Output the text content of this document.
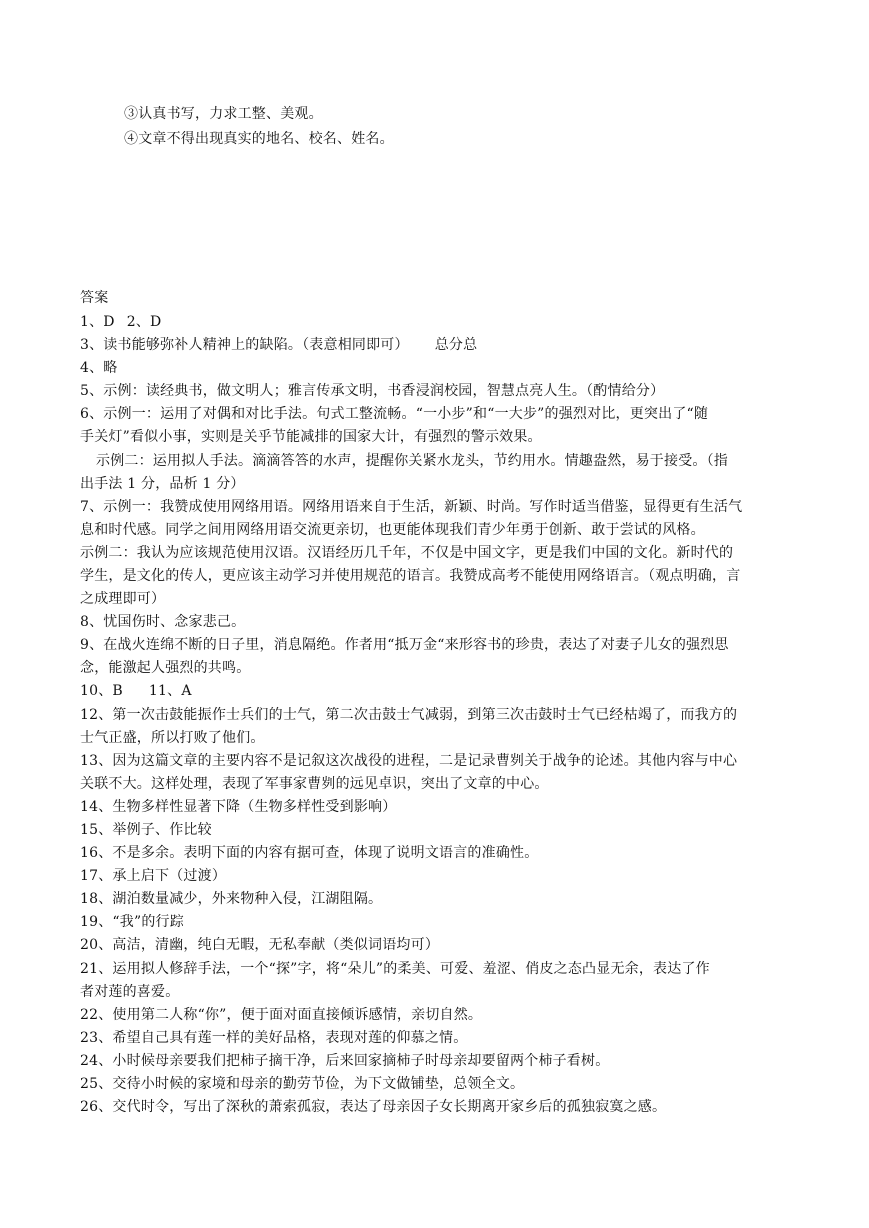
③认真书写，力求工整、美观。
④文章不得出现真实的地名、校名、姓名。
答案
1、D 2、D
3、读书能够弥补人精神上的缺陷。（表意相同即可） 总分总
4、略
5、示例：读经典书，做文明人；雅言传承文明，书香浸润校园，智慧点亮人生。（酌情给分）
6、示例一：运用了对偶和对比手法。句式工整流畅。“一小步”和“一大步”的强烈对比，更突出了“随
手关灯”看似小事，实则是关乎节能减排的国家大计，有强烈的警示效果。
示例二：运用拟人手法。滴滴答答的水声，提醒你关紧水龙头，节约用水。情趣盎然，易于接受。（指
出手法 1 分，品析 1 分）
7、示例一：我赞成使用网络用语。网络用语来自于生活，新颖、时尚。写作时适当借鉴，显得更有生活气
息和时代感。同学之间用网络用语交流更亲切，也更能体现我们青少年勇于创新、敢于尝试的风格。
示例二：我认为应该规范使用汉语。汉语经历几千年，不仅是中国文字，更是我们中国的文化。新时代的
学生，是文化的传人，更应该主动学习并使用规范的语言。我赞成高考不能使用网络语言。（观点明确，言
之成理即可）
8、忧国伤时、念家悲己。
9、在战火连绵不断的日子里，消息隔绝。作者用“抵万金“来形容书的珍贵，表达了对妻子儿女的强烈思
念，能激起人强烈的共鸣。
10、B 11、A
12、第一次击鼓能振作士兵们的士气，第二次击鼓士气减弱，到第三次击鼓时士气已经枯竭了，而我方的
士气正盛，所以打败了他们。
13、因为这篇文章的主要内容不是记叙这次战役的进程，二是记录曹刿关于战争的论述。其他内容与中心
关联不大。这样处理，表现了军事家曹刿的远见卓识，突出了文章的中心。
14、生物多样性显著下降（生物多样性受到影响）
15、举例子、作比较
16、不是多余。表明下面的内容有据可查，体现了说明文语言的准确性。
17、承上启下（过渡）
18、湖泊数量减少，外来物种入侵，江湖阻隔。
19、“我”的行踪
20、高洁，清幽，纯白无暇，无私奉献（类似词语均可）
21、运用拟人修辞手法，一个“探”字，将“朵儿”的柔美、可爱、羞涩、俏皮之态凸显无余，表达了作
者对莲的喜爱。
22、使用第二人称“你”，便于面对面直接倾诉感情，亲切自然。
23、希望自己具有莲一样的美好品格，表现对莲的仰慕之情。
24、小时候母亲要我们把柿子摘干净，后来回家摘柿子时母亲却要留两个柿子看树。
25、交待小时候的家境和母亲的勤劳节俭，为下文做铺垫，总领全文。
26、交代时令，写出了深秋的萧索孤寂，表达了母亲因子女长期离开家乡后的孤独寂寞之感。
